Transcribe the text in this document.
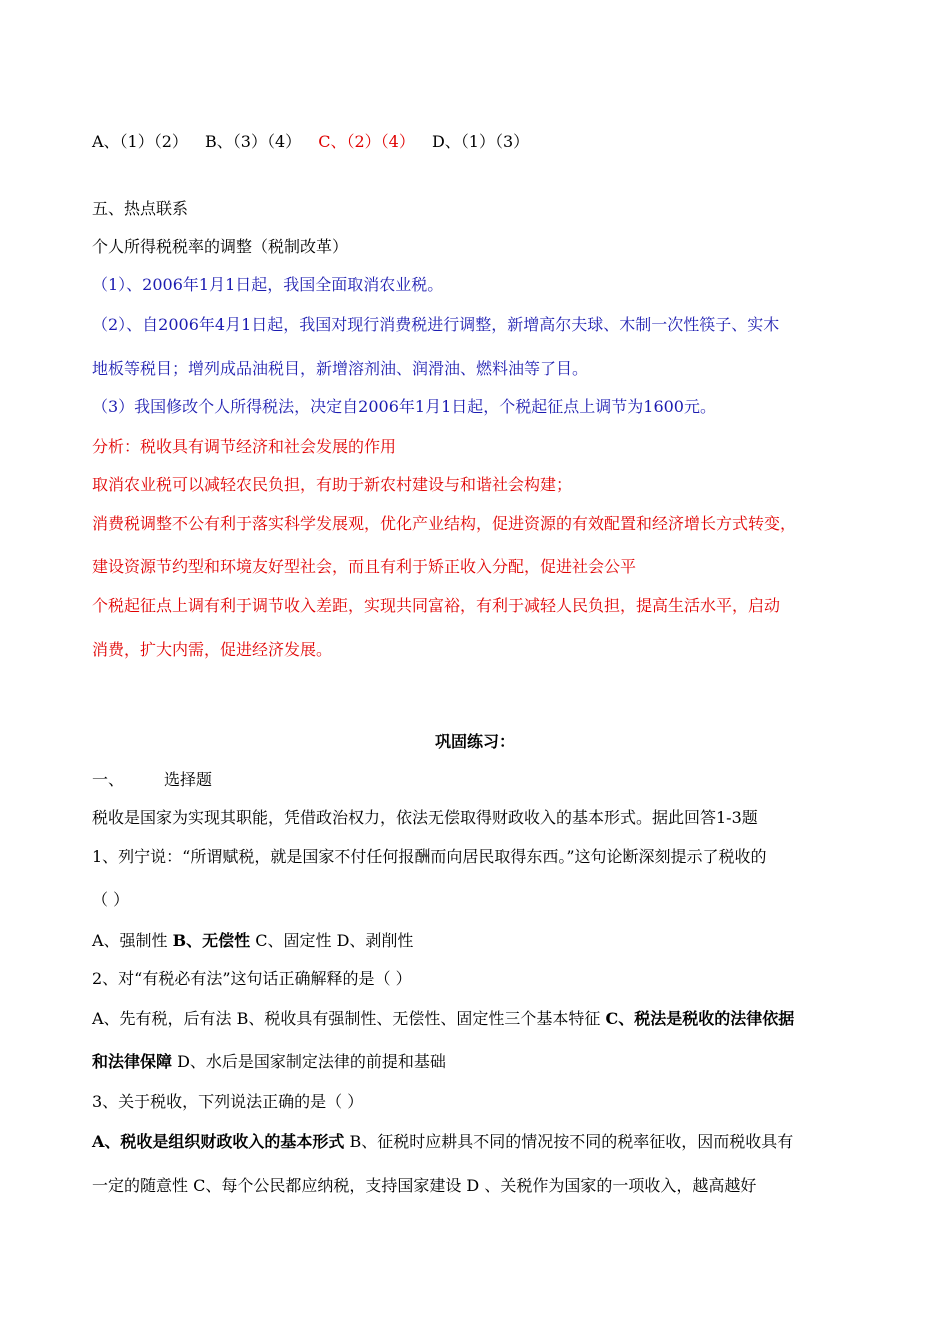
A、（1）（2） B、（3）（4） C、（2）（4） D、（1）（3）
五、热点联系
个人所得税税率的调整（税制改革）
（1）、2006年1月1日起，我国全面取消农业税。
（2）、自2006年4月1日起，我国对现行消费税进行调整，新增高尔夫球、木制一次性筷子、实木
地板等税目；增列成品油税目，新增溶剂油、润滑油、燃料油等了目。
（3）我国修改个人所得税法，决定自2006年1月1日起，个税起征点上调节为1600元。
分析：税收具有调节经济和社会发展的作用
取消农业税可以减轻农民负担，有助于新农村建设与和谐社会构建；
消费税调整不公有利于落实科学发展观，优化产业结构，促进资源的有效配置和经济增长方式转变，
建设资源节约型和环境友好型社会，而且有利于矫正收入分配，促进社会公平
个税起征点上调有利于调节收入差距，实现共同富裕，有利于减轻人民负担，提高生活水平，启动
消费，扩大内需，促进经济发展。
巩固练习：
一、	选择题
税收是国家为实现其职能，凭借政治权力，依法无偿取得财政收入的基本形式。据此回答1-3题
1、列宁说：“所谓赋税，就是国家不付任何报酬而向居民取得东西。”这句论断深刻提示了税收的
（ ）
A、强制性 B、无偿性 C、固定性 D、剥削性
2、对“有税必有法”这句话正确解释的是（ ）
A、先有税，后有法 B、税收具有强制性、无偿性、固定性三个基本特征 C、税法是税收的法律依据
和法律保障 D、水后是国家制定法律的前提和基础
3、关于税收，下列说法正确的是（ ）
A、税收是组织财政收入的基本形式 B、征税时应耕具不同的情况按不同的税率征收，因而税收具有
一定的随意性 C、每个公民都应纳税，支持国家建设 D 、关税作为国家的一项收入，越高越好
